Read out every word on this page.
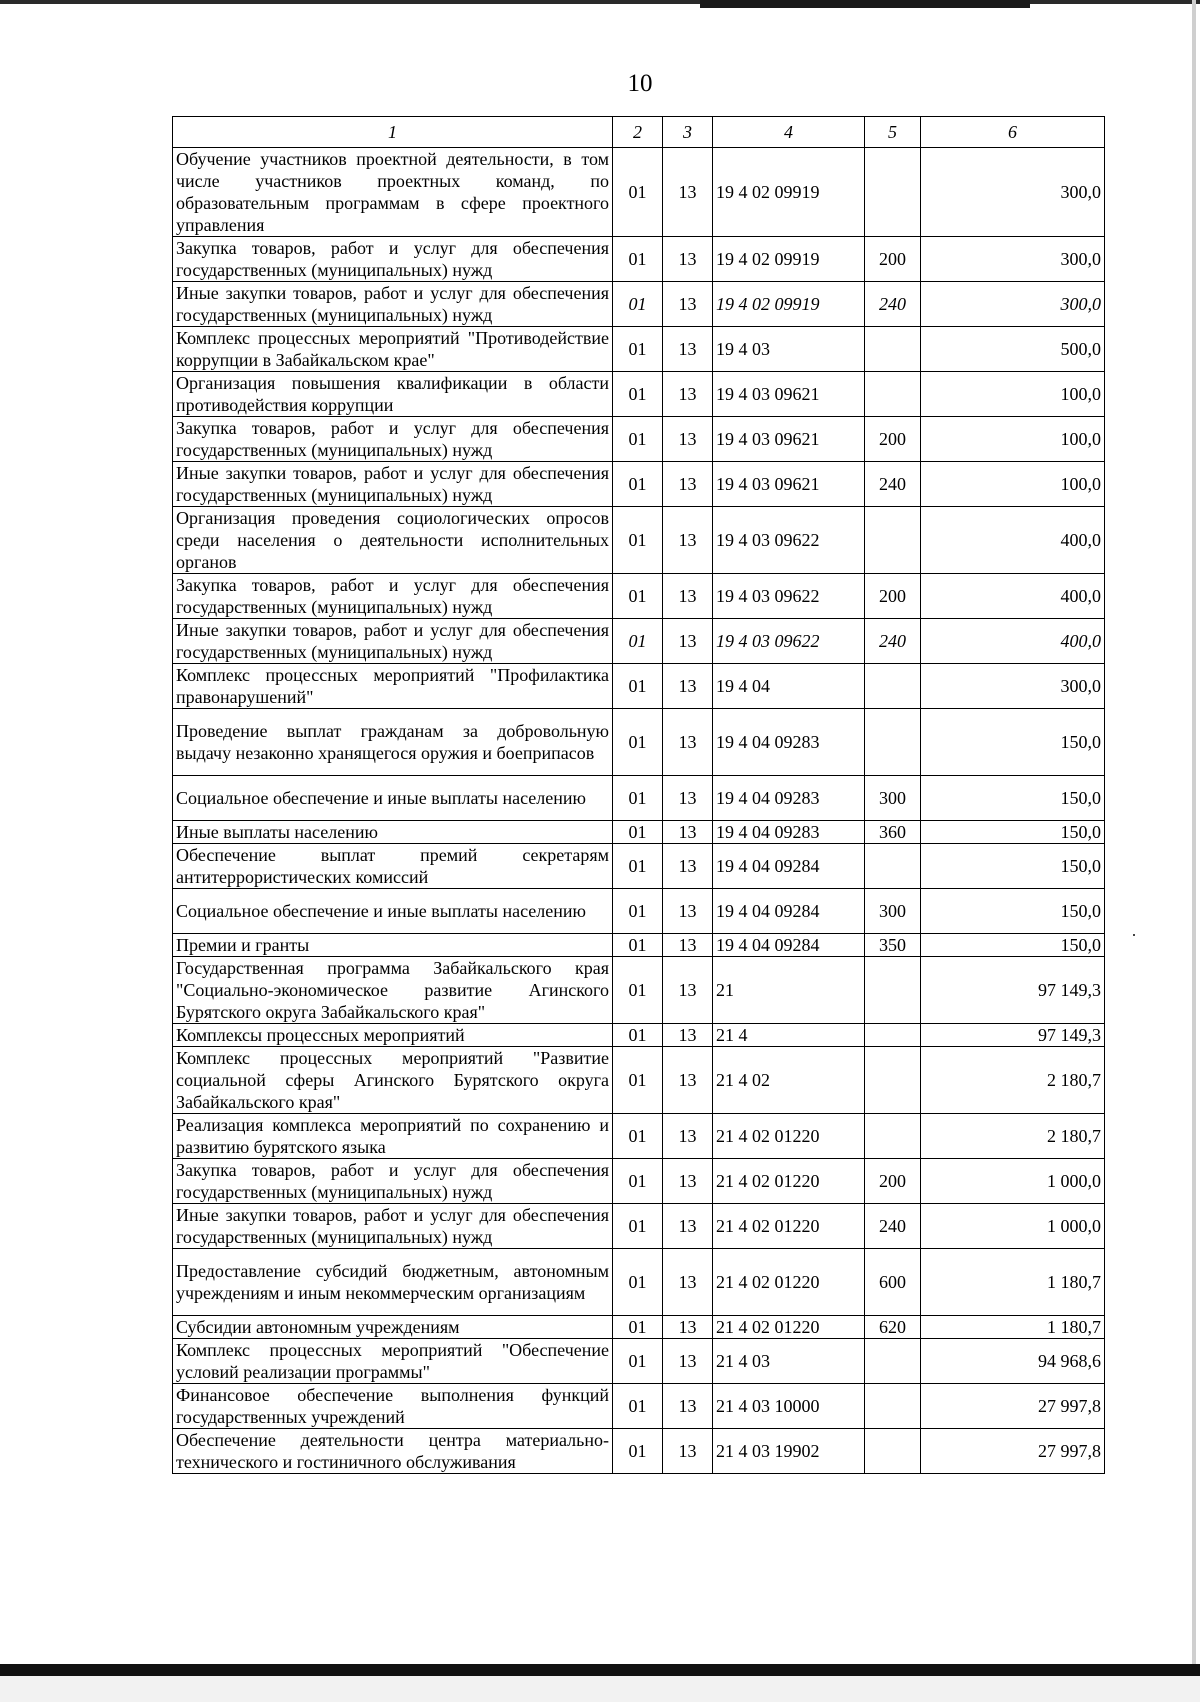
10
1	2	3	4	5	6
Обучение участников проектной деятельности, в том числе участников проектных команд, по образовательным программам в сфере проектного управления	01	13	19 4 02 09919		300,0
Закупка товаров, работ и услуг для обеспечения государственных (муниципальных) нужд	01	13	19 4 02 09919	200	300,0
Иные закупки товаров, работ и услуг для обеспечения государственных (муниципальных) нужд	01	13	19 4 02 09919	240	300,0
Комплекс процессных мероприятий "Противодействие коррупции в Забайкальском крае"	01	13	19 4 03		500,0
Организация повышения квалификации в области противодействия коррупции	01	13	19 4 03 09621		100,0
Закупка товаров, работ и услуг для обеспечения государственных (муниципальных) нужд	01	13	19 4 03 09621	200	100,0
Иные закупки товаров, работ и услуг для обеспечения государственных (муниципальных) нужд	01	13	19 4 03 09621	240	100,0
Организация проведения социологических опросов среди населения о деятельности исполнительных органов	01	13	19 4 03 09622		400,0
Закупка товаров, работ и услуг для обеспечения государственных (муниципальных) нужд	01	13	19 4 03 09622	200	400,0
Иные закупки товаров, работ и услуг для обеспечения государственных (муниципальных) нужд	01	13	19 4 03 09622	240	400,0
Комплекс процессных мероприятий "Профилактика правонарушений"	01	13	19 4 04		300,0
Проведение выплат гражданам за добровольную выдачу незаконно хранящегося оружия и боеприпасов	01	13	19 4 04 09283		150,0
Социальное обеспечение и иные выплаты населению	01	13	19 4 04 09283	300	150,0
Иные выплаты населению	01	13	19 4 04 09283	360	150,0
Обеспечение выплат премий секретарям антитеррористических комиссий	01	13	19 4 04 09284		150,0
Социальное обеспечение и иные выплаты населению	01	13	19 4 04 09284	300	150,0
Премии и гранты	01	13	19 4 04 09284	350	150,0
Государственная программа Забайкальского края "Социально-экономическое развитие Агинского Бурятского округа Забайкальского края"	01	13	21		97 149,3
Комплексы процессных мероприятий	01	13	21 4		97 149,3
Комплекс процессных мероприятий "Развитие социальной сферы Агинского Бурятского округа Забайкальского края"	01	13	21 4 02		2 180,7
Реализация комплекса мероприятий по сохранению и развитию бурятского языка	01	13	21 4 02 01220		2 180,7
Закупка товаров, работ и услуг для обеспечения государственных (муниципальных) нужд	01	13	21 4 02 01220	200	1 000,0
Иные закупки товаров, работ и услуг для обеспечения государственных (муниципальных) нужд	01	13	21 4 02 01220	240	1 000,0
Предоставление субсидий бюджетным, автономным учреждениям и иным некоммерческим организациям	01	13	21 4 02 01220	600	1 180,7
Субсидии автономным учреждениям	01	13	21 4 02 01220	620	1 180,7
Комплекс процессных мероприятий "Обеспечение условий реализации программы"	01	13	21 4 03		94 968,6
Финансовое обеспечение выполнения функций государственных учреждений	01	13	21 4 03 10000		27 997,8
Обеспечение деятельности центра материально-технического и гостиничного обслуживания	01	13	21 4 03 19902		27 997,8
